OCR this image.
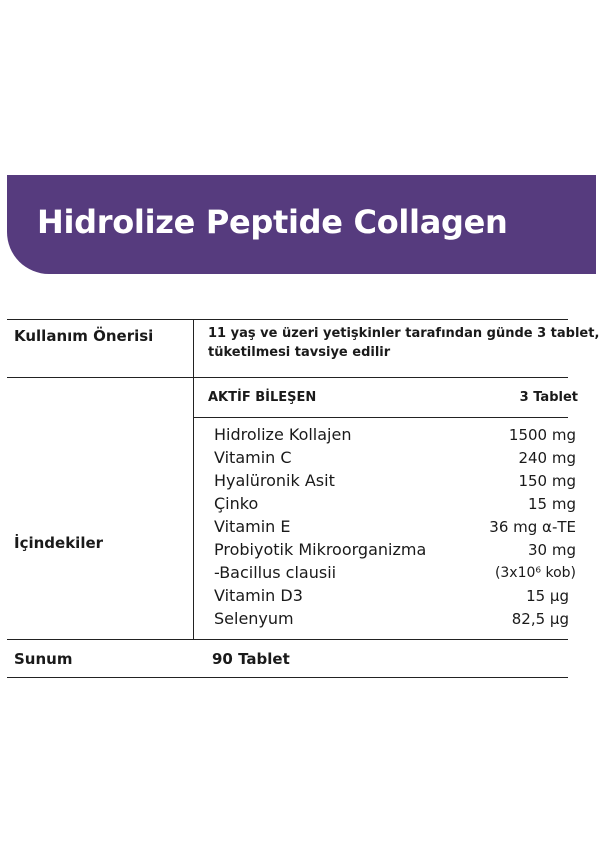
Hidrolize Peptide Collagen
Kullanım Önerisi	11 yaş ve üzeri yetişkinler tarafından günde 3 tablet,
tüketilmesi tavsiye edilir
İçindekiler
AKTİF BİLEŞEN	3 Tablet
Hidrolize Kollajen	1500 mg
Vitamin C	240 mg
Hyalüronik Asit	150 mg
Çinko	15 mg
Vitamin E	36 mg α-TE
Probiyotik Mikroorganizma	30 mg
-Bacillus clausii	(3x10⁶ kob)
Vitamin D3	15 µg
Selenyum	82,5 µg
Sunum	90 Tablet
